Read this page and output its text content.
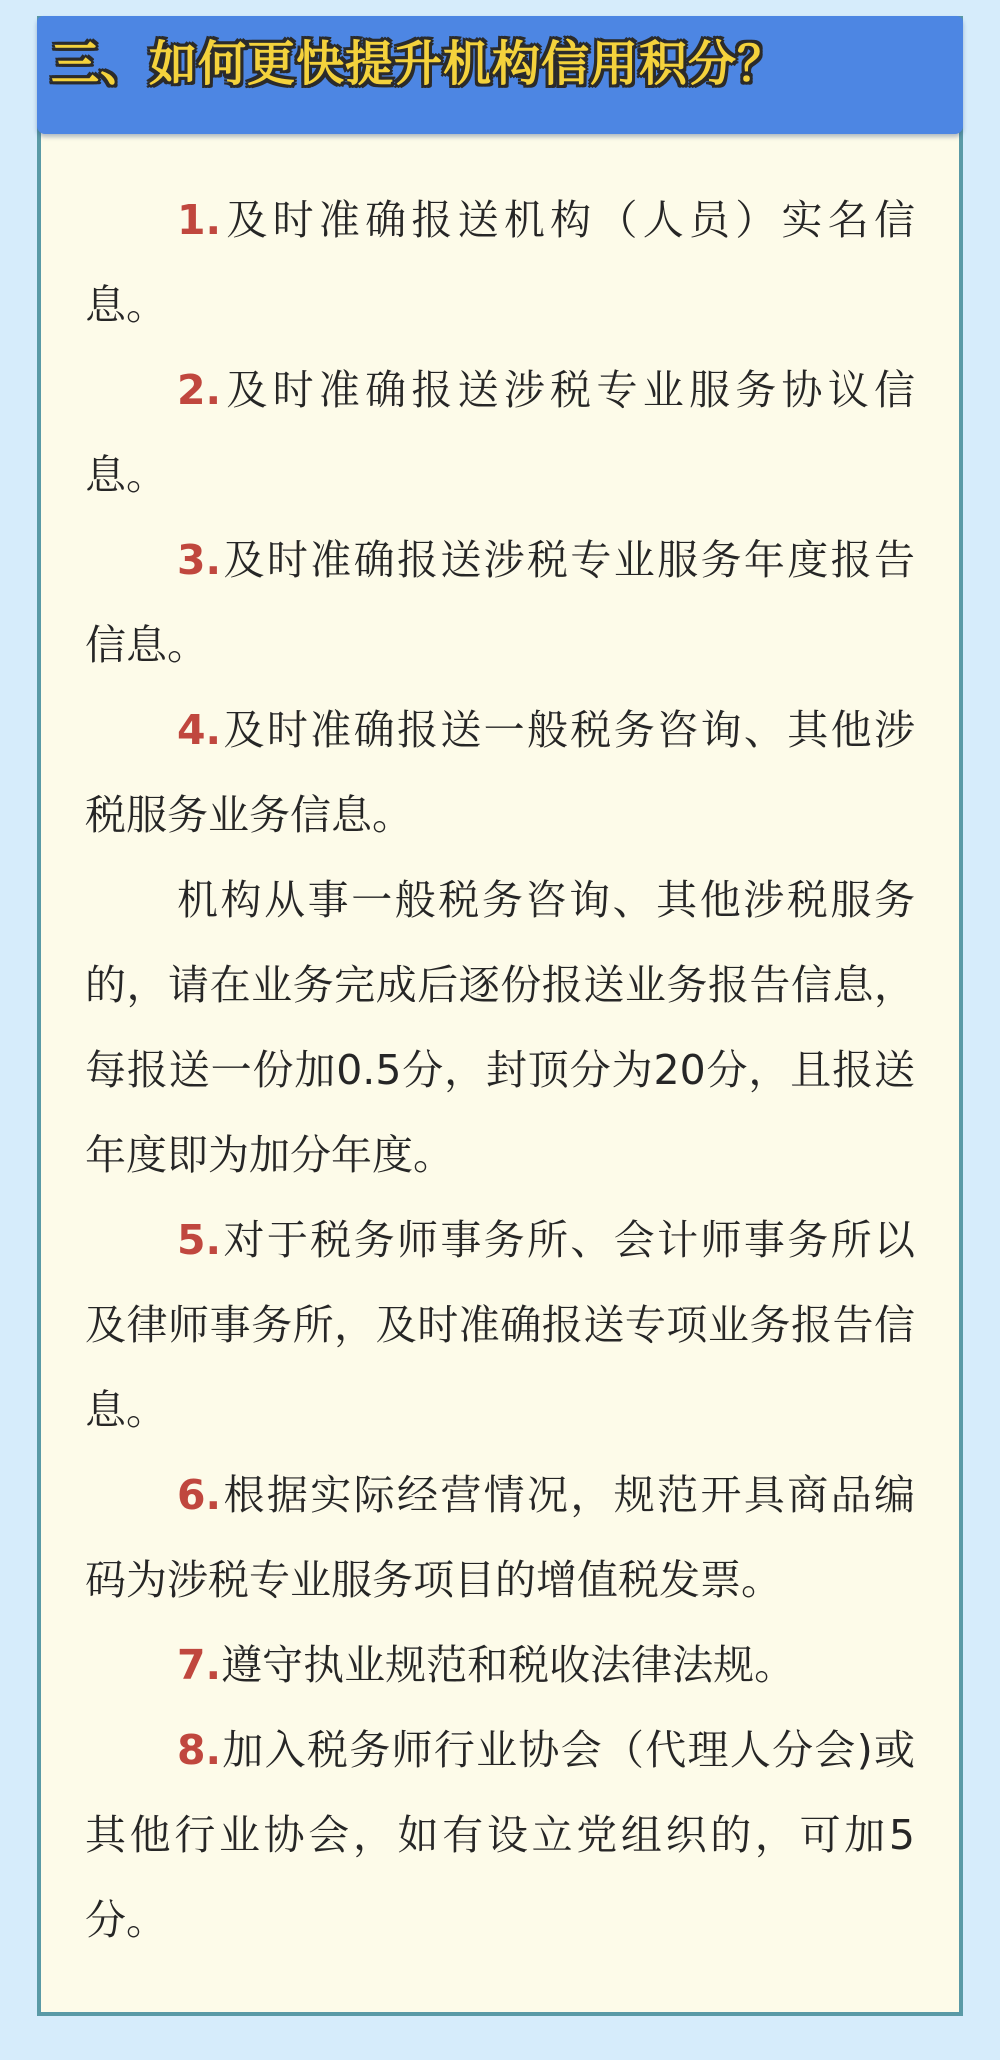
三、如何更快提升机构信用积分？

1.及时准确报送机构（人员）实名信息。

2.及时准确报送涉税专业服务协议信息。

3.及时准确报送涉税专业服务年度报告信息。

4.及时准确报送一般税务咨询、其他涉税服务业务信息。

机构从事一般税务咨询、其他涉税服务的，请在业务完成后逐份报送业务报告信息，每报送一份加0.5分，封顶分为20分，且报送年度即为加分年度。

5.对于税务师事务所、会计师事务所以及律师事务所，及时准确报送专项业务报告信息。

6.根据实际经营情况，规范开具商品编码为涉税专业服务项目的增值税发票。

7.遵守执业规范和税收法律法规。

8.加入税务师行业协会（代理人分会)或其他行业协会，如有设立党组织的，可加5分。
